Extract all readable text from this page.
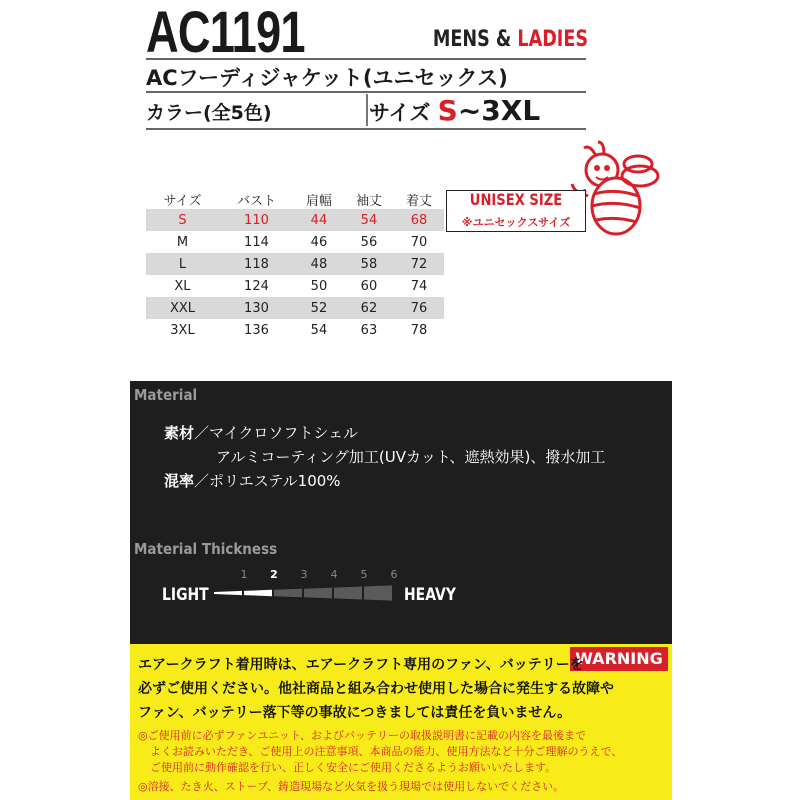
AC1191	MENS & LADIES
ACフーディジャケット(ユニセックス)
カラー(全5色)	サイズ S~3XL
サイズ	バスト	肩幅	袖丈	着丈
S	110	44	54	68
M	114	46	56	70
L	118	48	58	72
XL	124	50	60	74
XXL	130	52	62	76
3XL	136	54	63	78
UNISEX SIZE
※ユニセックスサイズ
Material
素材／マイクロソフトシェル
アルミコーティング加工(UVカット、遮熱効果)、撥水加工
混率／ポリエステル100%
Material Thickness
LIGHT	HEAVY
1	2	3	4	5	6
WARNING
エアークラフト着用時は、エアークラフト専用のファン、バッテリーを
必ずご使用ください。他社商品と組み合わせ使用した場合に発生する故障や
ファン、バッテリー落下等の事故につきましては責任を負いません。
◎ご使用前に必ずファンユニット、およびバッテリーの取扱説明書に記載の内容を最後まで
よくお読みいただき、ご使用上の注意事項、本商品の能力、使用方法など十分ご理解のうえで、
ご使用前に動作確認を行い、正しく安全にご使用くださるようお願いいたします。
◎溶接、たき火、ストーブ、鋳造現場など火気を扱う現場では使用しないでください。
